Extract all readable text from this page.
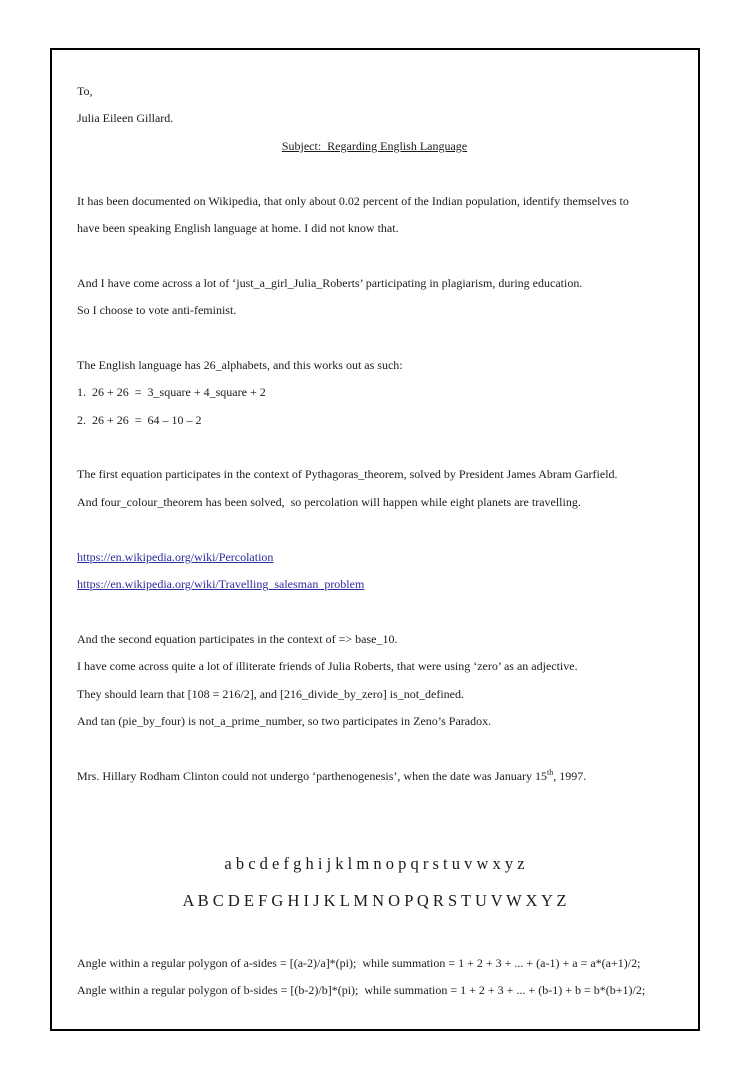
To,
Julia Eileen Gillard.
Subject:  Regarding English Language
It has been documented on Wikipedia, that only about 0.02 percent of the Indian population, identify themselves to
have been speaking English language at home. I did not know that.
And I have come across a lot of ‘just_a_girl_Julia_Roberts’ participating in plagiarism, during education.
So I choose to vote anti-feminist.
The English language has 26_alphabets, and this works out as such:
1.  26 + 26  =  3_square + 4_square + 2
2.  26 + 26  =  64 – 10 – 2
The first equation participates in the context of Pythagoras_theorem, solved by President James Abram Garfield.
And four_colour_theorem has been solved,  so percolation will happen while eight planets are travelling.
https://en.wikipedia.org/wiki/Percolation
https://en.wikipedia.org/wiki/Travelling_salesman_problem
And the second equation participates in the context of => base_10.
I have come across quite a lot of illiterate friends of Julia Roberts, that were using ‘zero’ as an adjective.
They should learn that [108 = 216/2], and [216_divide_by_zero] is_not_defined.
And tan (pie_by_four) is not_a_prime_number, so two participates in Zeno’s Paradox.
Mrs. Hillary Rodham Clinton could not undergo ‘parthenogenesis’, when the date was January 15th, 1997.
a b c d e f g h i j k l m n o p q r s t u v w x y z
A B C D E F G H I J K L M N O P Q R S T U V W X Y Z
Angle within a regular polygon of a-sides = [(a-2)/a]*(pi);  while summation = 1 + 2 + 3 + ... + (a-1) + a = a*(a+1)/2;
Angle within a regular polygon of b-sides = [(b-2)/b]*(pi);  while summation = 1 + 2 + 3 + ... + (b-1) + b = b*(b+1)/2;
